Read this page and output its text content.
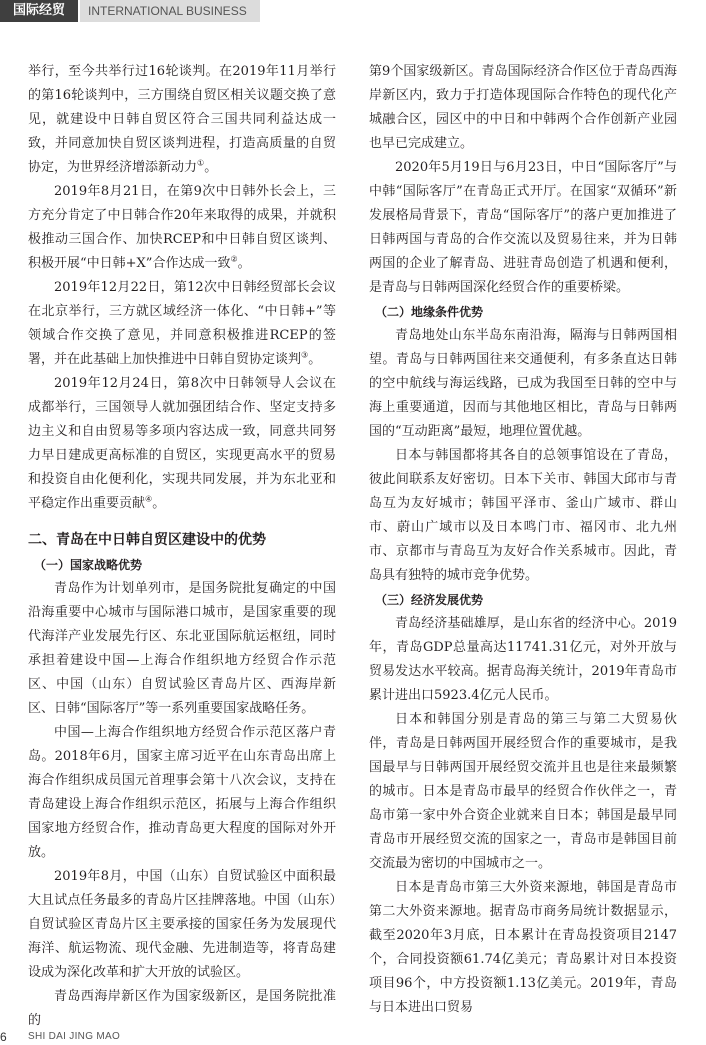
国际经贸	INTERNATIONAL BUSINESS

举行，至今共举行过16轮谈判。在2019年11月举行的第16轮谈判中，三方围绕自贸区相关议题交换了意见，就建设中日韩自贸区符合三国共同利益达成一致，并同意加快自贸区谈判进程，打造高质量的自贸协定，为世界经济增添新动力①。

2019年8月21日，在第9次中日韩外长会上，三方充分肯定了中日韩合作20年来取得的成果，并就积极推动三国合作、加快RCEP和中日韩自贸区谈判、积极开展“中日韩+X”合作达成一致②。

2019年12月22日，第12次中日韩经贸部长会议在北京举行，三方就区域经济一体化、“中日韩+”等领域合作交换了意见，并同意积极推进RCEP的签署，并在此基础上加快推进中日韩自贸协定谈判③。

2019年12月24日，第8次中日韩领导人会议在成都举行，三国领导人就加强团结合作、坚定支持多边主义和自由贸易等多项内容达成一致，同意共同努力早日建成更高标准的自贸区，实现更高水平的贸易和投资自由化便利化，实现共同发展，并为东北亚和平稳定作出重要贡献④。

二、青岛在中日韩自贸区建设中的优势
（一）国家战略优势

青岛作为计划单列市，是国务院批复确定的中国沿海重要中心城市与国际港口城市，是国家重要的现代海洋产业发展先行区、东北亚国际航运枢纽，同时承担着建设中国—上海合作组织地方经贸合作示范区、中国（山东）自贸试验区青岛片区、西海岸新区、日韩“国际客厅”等一系列重要国家战略任务。

中国—上海合作组织地方经贸合作示范区落户青岛。2018年6月，国家主席习近平在山东青岛出席上海合作组织成员国元首理事会第十八次会议，支持在青岛建设上海合作组织示范区，拓展与上海合作组织国家地方经贸合作，推动青岛更大程度的国际对外开放。

2019年8月，中国（山东）自贸试验区中面积最大且试点任务最多的青岛片区挂牌落地。中国（山东）自贸试验区青岛片区主要承接的国家任务为发展现代海洋、航运物流、现代金融、先进制造等，将青岛建设成为深化改革和扩大开放的试验区。

青岛西海岸新区作为国家级新区，是国务院批准的

第9个国家级新区。青岛国际经济合作区位于青岛西海岸新区内，致力于打造体现国际合作特色的现代化产城融合区，园区中的中日和中韩两个合作创新产业园也早已完成建立。

2020年5月19日与6月23日，中日“国际客厅”与中韩“国际客厅”在青岛正式开厅。在国家“双循环”新发展格局背景下，青岛“国际客厅”的落户更加推进了日韩两国与青岛的合作交流以及贸易往来，并为日韩两国的企业了解青岛、进驻青岛创造了机遇和便利，是青岛与日韩两国深化经贸合作的重要桥梁。

（二）地缘条件优势

青岛地处山东半岛东南沿海，隔海与日韩两国相望。青岛与日韩两国往来交通便利，有多条直达日韩的空中航线与海运线路，已成为我国至日韩的空中与海上重要通道，因而与其他地区相比，青岛与日韩两国的“互动距离”最短，地理位置优越。

日本与韩国都将其各自的总领事馆设在了青岛，彼此间联系友好密切。日本下关市、韩国大邱市与青岛互为友好城市；韩国平泽市、釜山广域市、群山市、蔚山广域市以及日本鸣门市、福冈市、北九州市、京都市与青岛互为友好合作关系城市。因此，青岛具有独特的城市竞争优势。

（三）经济发展优势

青岛经济基础雄厚，是山东省的经济中心。2019年，青岛GDP总量高达11741.31亿元，对外开放与贸易发达水平较高。据青岛海关统计，2019年青岛市累计进出口5923.4亿元人民币。

日本和韩国分别是青岛的第三与第二大贸易伙伴，青岛是日韩两国开展经贸合作的重要城市，是我国最早与日韩两国开展经贸交流并且也是往来最频繁的城市。日本是青岛市最早的经贸合作伙伴之一，青岛市第一家中外合资企业就来自日本；韩国是最早同青岛市开展经贸交流的国家之一，青岛市是韩国目前交流最为密切的中国城市之一。

日本是青岛市第三大外资来源地，韩国是青岛市第二大外资来源地。据青岛市商务局统计数据显示，截至2020年3月底，日本累计在青岛投资项目2147个，合同投资额61.74亿美元；青岛累计对日本投资项目96个，中方投资额1.13亿美元。2019年，青岛与日本进出口贸易

6 SHI DAI JING MAO
